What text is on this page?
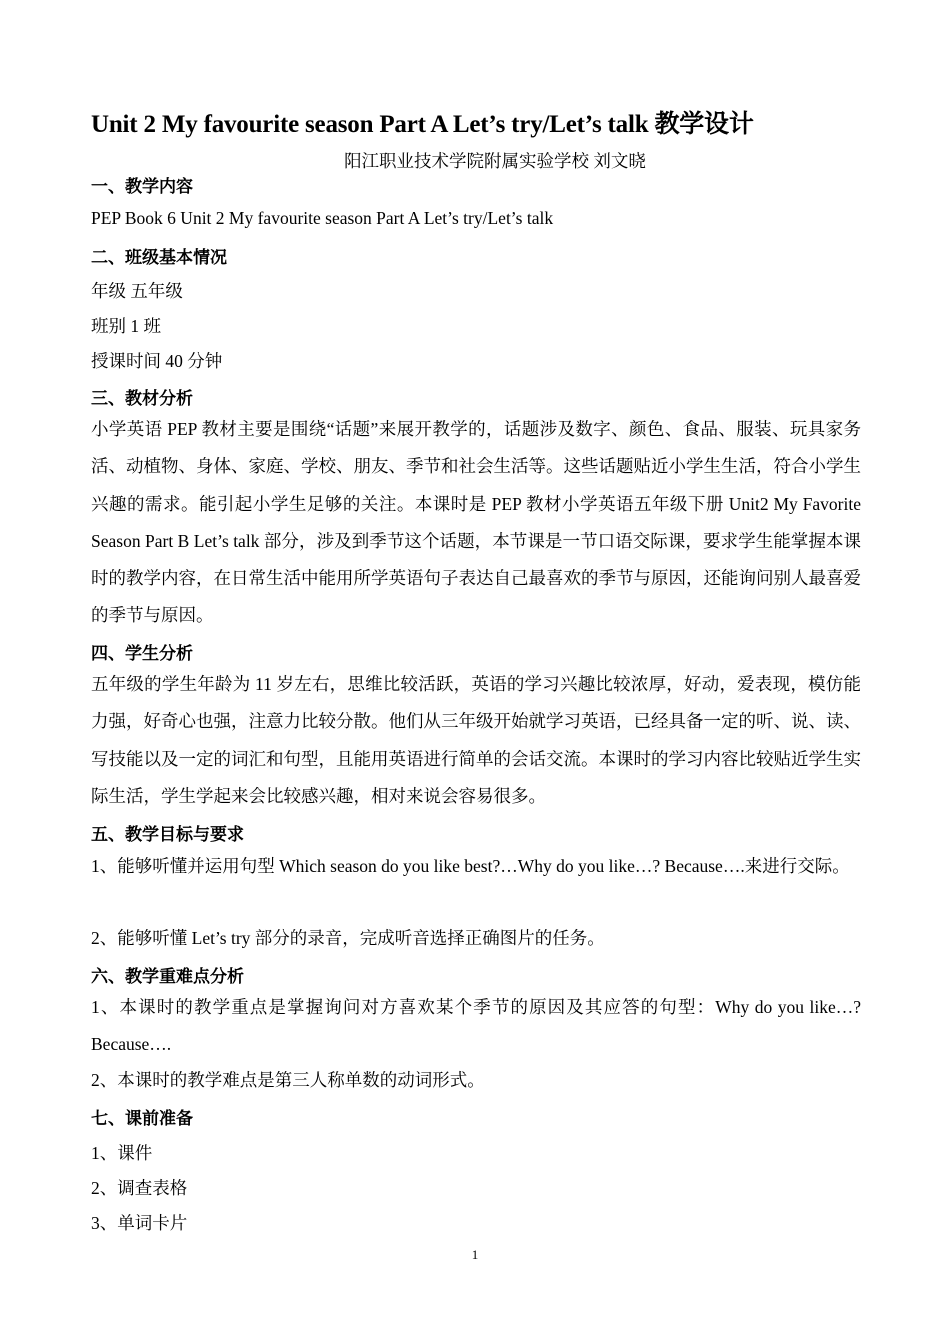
Unit 2 My favourite season Part A Let’s try/Let’s talk 教学设计
阳江职业技术学院附属实验学校 刘文晓
一、教学内容
PEP Book 6 Unit 2 My favourite season Part A Let’s try/Let’s talk
二、班级基本情况
年级 五年级
班别 1 班
授课时间 40 分钟
三、教材分析
小学英语 PEP 教材主要是围绕“话题”来展开教学的，话题涉及数字、颜色、食品、服装、玩具家务活、动植物、身体、家庭、学校、朋友、季节和社会生活等。这些话题贴近小学生生活，符合小学生兴趣的需求。能引起小学生足够的关注。本课时是 PEP 教材小学英语五年级下册 Unit2 My Favorite Season Part B Let’s talk 部分，涉及到季节这个话题，本节课是一节口语交际课，要求学生能掌握本课时的教学内容，在日常生活中能用所学英语句子表达自己最喜欢的季节与原因，还能询问别人最喜爱的季节与原因。
四、学生分析
五年级的学生年龄为 11 岁左右，思维比较活跃，英语的学习兴趣比较浓厚，好动，爱表现，模仿能力强，好奇心也强，注意力比较分散。他们从三年级开始就学习英语，已经具备一定的听、说、读、写技能以及一定的词汇和句型，且能用英语进行简单的会话交流。本课时的学习内容比较贴近学生实际生活，学生学起来会比较感兴趣，相对来说会容易很多。
五、教学目标与要求
1、能够听懂并运用句型 Which season do you like best?…Why do you like…? Because….来进行交际。
2、能够听懂 Let’s try 部分的录音，完成听音选择正确图片的任务。
六、教学重难点分析
1、本课时的教学重点是掌握询问对方喜欢某个季节的原因及其应答的句型：Why do you like…? Because….
2、本课时的教学难点是第三人称单数的动词形式。
七、课前准备
1、课件
2、调查表格
3、单词卡片
1
